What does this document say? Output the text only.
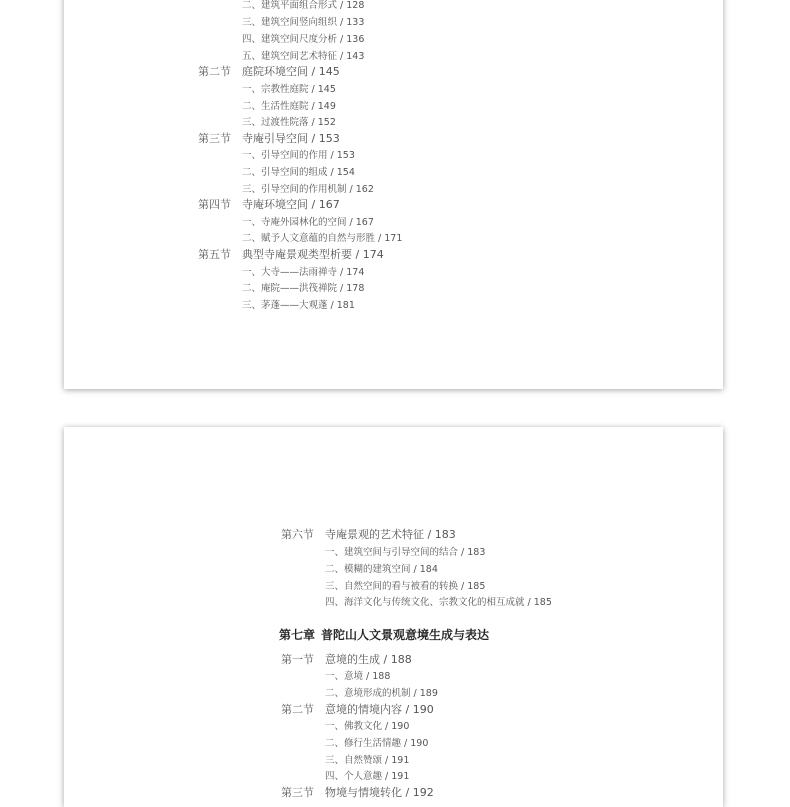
二、建筑平面组合形式 / 128
三、建筑空间竖向组织 / 133
四、建筑空间尺度分析 / 136
五、建筑空间艺术特征 / 143
第二节 庭院环境空间 / 145
一、宗教性庭院 / 145
二、生活性庭院 / 149
三、过渡性院落 / 152
第三节 寺庵引导空间 / 153
一、引导空间的作用 / 153
二、引导空间的组成 / 154
三、引导空间的作用机制 / 162
第四节 寺庵环境空间 / 167
一、寺庵外园林化的空间 / 167
二、赋予人文意蕴的自然与形胜 / 171
第五节 典型寺庵景观类型析要 / 174
一、大寺——法雨禅寺 / 174
二、庵院——洪筏禅院 / 178
三、茅蓬——大观蓬 / 181
第六节 寺庵景观的艺术特征 / 183
一、建筑空间与引导空间的结合 / 183
二、模糊的建筑空间 / 184
三、自然空间的看与被看的转换 / 185
四、海洋文化与传统文化、宗教文化的相互成就 / 185
第七章 普陀山人文景观意境生成与表达
第一节 意境的生成 / 188
一、意境 / 188
二、意境形成的机制 / 189
第二节 意境的情境内容 / 190
一、佛教文化 / 190
二、修行生活情趣 / 190
三、自然赞颂 / 191
四、个人意趣 / 191
第三节 物境与情境转化 / 192
